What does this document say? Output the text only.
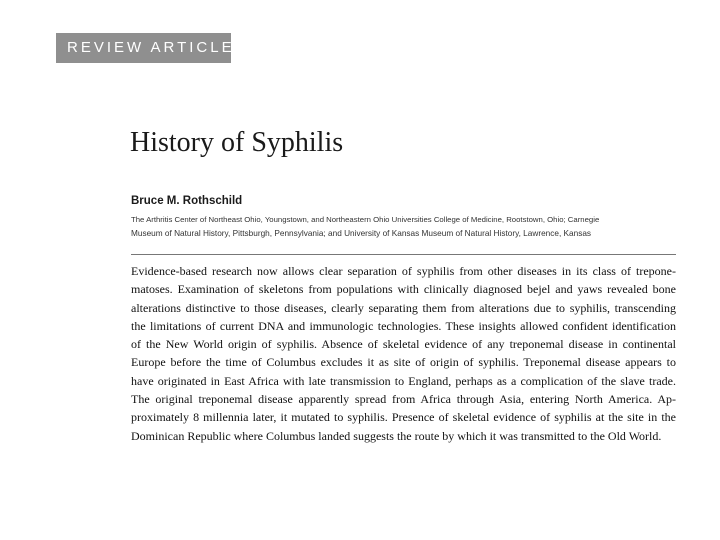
REVIEW ARTICLE
History of Syphilis
Bruce M. Rothschild
The Arthritis Center of Northeast Ohio, Youngstown, and Northeastern Ohio Universities College of Medicine, Rootstown, Ohio; Carnegie
Museum of Natural History, Pittsburgh, Pennsylvania; and University of Kansas Museum of Natural History, Lawrence, Kansas
Evidence-based research now allows clear separation of syphilis from other diseases in its class of trepone-
matoses. Examination of skeletons from populations with clinically diagnosed bejel and yaws revealed bone
alterations distinctive to those diseases, clearly separating them from alterations due to syphilis, transcending
the limitations of current DNA and immunologic technologies. These insights allowed confident identification
of the New World origin of syphilis. Absence of skeletal evidence of any treponemal disease in continental
Europe before the time of Columbus excludes it as site of origin of syphilis. Treponemal disease appears to
have originated in East Africa with late transmission to England, perhaps as a complication of the slave trade.
The original treponemal disease apparently spread from Africa through Asia, entering North America. Ap-
proximately 8 millennia later, it mutated to syphilis. Presence of skeletal evidence of syphilis at the site in the
Dominican Republic where Columbus landed suggests the route by which it was transmitted to the Old World.
